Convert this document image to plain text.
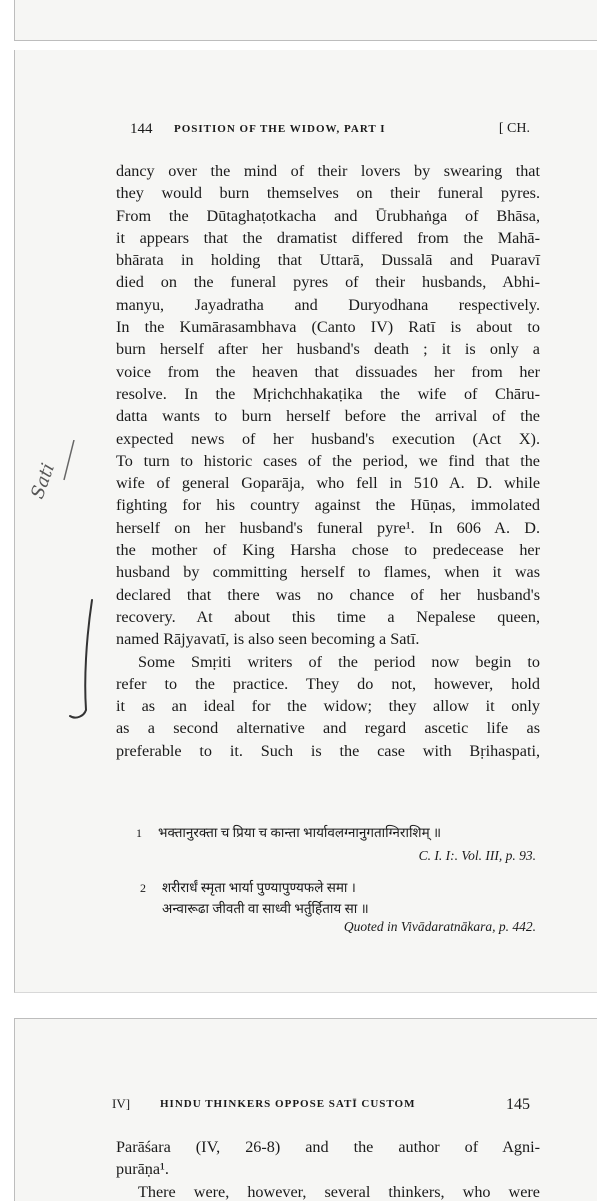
144 POSITION OF THE WIDOW, PART I	[ CH.
dancy over the mind of their lovers by swearing that
they would burn themselves on their funeral pyres.
From the Dūtaghaṭotkacha and Ūrubhaṅga of Bhāsa,
it appears that the dramatist differed from the Mahā-
bhārata in holding that Uttarā, Dussalā and Puaravī
died on the funeral pyres of their husbands, Abhi-
manyu, Jayadratha and Duryodhana respectively.
In the Kumārasambhava (Canto IV) Ratī is about to
burn herself after her husband's death ; it is only a
voice from the heaven that dissuades her from her
resolve. In the Mṛichchhakaṭika the wife of Chāru-
datta wants to burn herself before the arrival of the
expected news of her husband's execution (Act X).
To turn to historic cases of the period, we find that the
wife of general Goparāja, who fell in 510 A. D. while
fighting for his country against the Hūṇas, immolated
herself on her husband's funeral pyre¹. In 606 A. D.
the mother of King Harsha chose to predecease her
husband by committing herself to flames, when it was
declared that there was no chance of her husband's
recovery. At about this time a Nepalese queen,
named Rājyavatī, is also seen becoming a Satī.
Some Smṛiti writers of the period now begin to
refer to the practice. They do not, however, hold
it as an ideal for the widow; they allow it only
as a second alternative and regard ascetic life as
preferable to it. Such is the case with Bṛihaspati,
1 भक्तानुरक्ता च प्रिया च कान्ता भार्यावलग्नानुगताग्निराशिम् ॥
C. I. I:. Vol. III, p. 93.
2 शरीरार्धं स्मृता भार्या पुण्यापुण्यफले समा ।
अन्वारूढा जीवती वा साध्वी भर्तुर्हिताय सा ॥
Quoted in Vivādaratnākara, p. 442.
Sati
IV]	HINDU THINKERS OPPOSE SATĪ CUSTOM	145
Parāśara (IV, 26-8) and the author of Agni-
purāṇa¹.
There were, however, several thinkers, who were
